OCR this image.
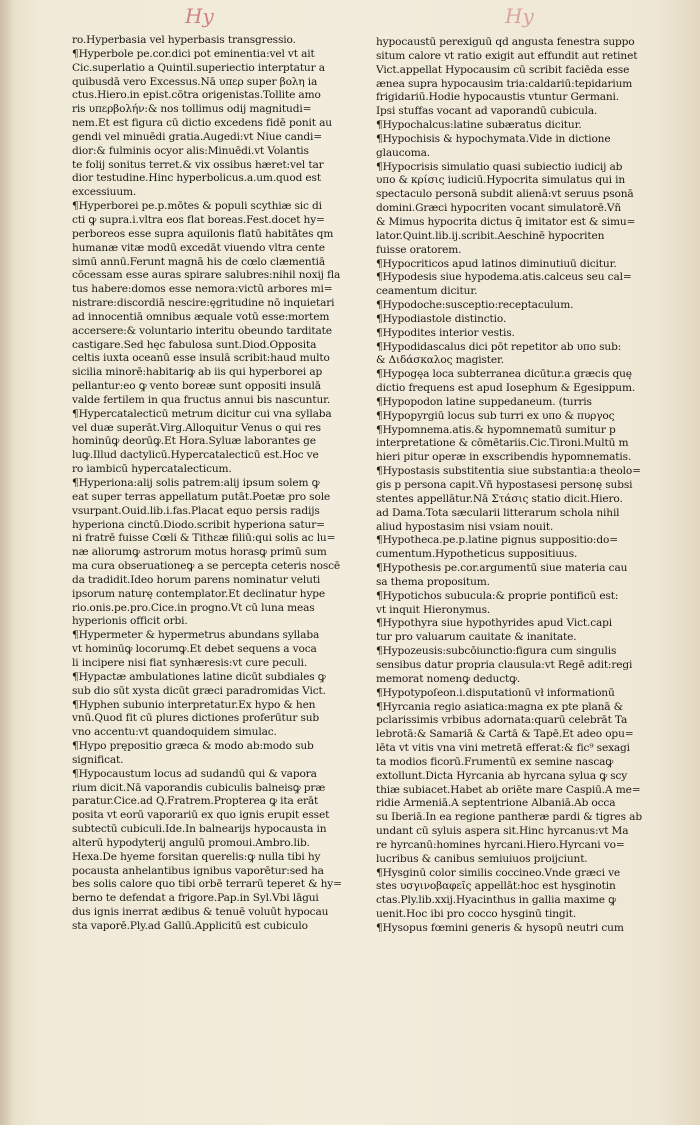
Hy	Hy
ro.Hyperbasia vel hyperbasis transgressio.
¶Hyperbole pe.cor.dici pot eminentia:vel vt ait
Cic.superlatio a Quintil.superiectio interptatur a
quibusdā vero Excessus.Nā υπερ super βολη ia
ctus.Hiero.in epist.cōtra origenistas.Tollite amo
ris υπερβολήν:& nos tollimus odij magnitudi=
nem.Et est figura cū dictio excedens fidē ponit au
gendi vel minuēdi gratia.Augedi:vt Niue candi=
dior:& fulminis ocyor alis:Minuēdi.vt Volantis
te folij sonitus terret.& vix ossibus hæret:vel tar
dior testudine.Hinc hyperbolicus.a.um.quod est
excessiuum.
¶Hyperborei pe.p.mōtes & populi scythiæ sic di
cti ꝙ supra.i.vltra eos flat boreas.Fest.docet hy=
perboreos esse supra aquilonis flatū habitātes qm
humanæ vitæ modū excedāt viuendo vltra cente
simū annū.Ferunt magnā his de cœlo clæmentiā
cōcessam esse auras spirare salubres:nihil noxij fla
tus habere:domos esse nemora:victū arbores mi=
nistrare:discordiā nescire:ęgritudine nō inquietari
ad innocentiā omnibus æquale votū esse:mortem
accersere:& voluntario interitu obeundo tarditate
castigare.Sed hęc fabulosa sunt.Diod.Opposita
celtis iuxta oceanū esse insulā scribit:haud multo
sicilia minorē:habitariꝙ ab iis qui hyperborei ap
pellantur:eo ꝙ vento boreæ sunt oppositi insulā
valde fertilem in qua fructus annui bis nascuntur.
¶Hypercatalecticū metrum dicitur cui vna syllaba
vel duæ superāt.Virg.Alloquitur Venus o qui res
hominūꝙ deorūꝙ.Et Hora.Syluæ laborantes ge
luꝙ.Illud dactylicū.Hypercatalecticū est.Hoc ve
ro iambicū hypercatalecticum.
¶Hyperiona:alij solis patrem:alij ipsum solem ꝙ
eat super terras appellatum putāt.Poetæ pro sole
vsurpant.Ouid.lib.i.fas.Placat equo persis radijs
hyperiona cinctū.Diodo.scribit hyperiona satur=
ni fratrē fuisse Cœli & Tithεæ filiū:qui solis ac lu=
næ aliorumꝙ astrorum motus horasꝙ primū sum
ma cura obseruationeꝙ a se percepta ceteris noscē
da tradidit.Ideo horum parens nominatur veluti
ipsorum naturę contemplator.Et declinatur hype
rio.onis.pe.pro.Cice.in progno.Vt cū luna meas
hyperionis officit orbi.
¶Hypermeter & hypermetrus abundans syllaba
vt hominūꝙ locorumꝙ.Et debet sequens a voca
li incipere nisi fiat synhæresis:vt cure peculi.
¶Hypactæ ambulationes latine dicūt subdiales ꝙ
sub dio sūt xysta dicūt græci paradromidas Vict.
¶Hyphen subunio interpretatur.Ex hypo & hen
vnū.Quod fit cū plures dictiones proferūtur sub
vno accentu:vt quandoquidem simulac.
¶Hypo prępositio græca & modo ab:modo sub
significat.
¶Hypocaustum locus ad sudandū qui & vapora
rium dicit.Nā vaporandis cubiculis balneisꝙ præ
paratur.Cice.ad Q.Fratrem.Propterea ꝙ ita erāt
posita vt eorū vaporariū ex quo ignis erupit esset
subtectū cubiculi.Ide.In balnearijs hypocausta in
alterū hypodyterij angulū promoui.Ambro.lib.
Hexa.De hyeme forsitan querelis:ꝙ nulla tibi hy
pocausta anhelantibus ignibus vaporētur:sed ha
bes solis calore quo tibi orbē terrarū teperet & hy=
berno te defendat a frigore.Pap.in Syl.Vbi lāgui
dus ignis inerrat ædibus & tenuē voluūt hypocau
sta vaporē.Ply.ad Gallū.Applicitū est cubiculo
hypocaustū perexiguū qd angusta fenestra suppo
situm calore vt ratio exigit aut effundit aut retinet
Vict.appellat Hypocausim cū scribit faciēda esse
ænea supra hypocausim tria:caldariū:tepidarium
frigidariū.Hodie hypocaustis vtuntur Germani.
Ipsi stuffas vocant ad vaporandū cubicula.
¶Hypochalcus:latine subæratus dicitur.
¶Hypochisis & hypochymata.Vide in dictione
glaucoma.
¶Hypocrisis simulatio quasi subiectio iudicij ab
υπο & κρίσις iudiciū.Hypocrita simulatus qui in
spectaculo personā subdit alienā:vt seruus psonā
domini.Græci hypocriten vocant simulatorē.Vñ
& Mimus hypocrita dictus q̄ imitator est & simu=
lator.Quint.lib.ij.scribit.Aeschinē hypocriten
fuisse oratorem.
¶Hypocriticos apud latinos diminutiuū dicitur.
¶Hypodesis siue hypodema.atis.calceus seu cal=
ceamentum dicitur.
¶Hypodoche:susceptio:receptaculum.
¶Hypodiastole distinctio.
¶Hypodites interior vestis.
¶Hypodidascalus dici pōt repetitor ab υπο sub:
& Διδάσκαλος magister.
¶Hypogęa loca subterranea dicūtur.a græcis quę
dictio frequens est apud Iosephum & Egesippum.
¶Hypopodon latine suppedaneum. (turris
¶Hypopyrgiū locus sub turri ex υπο & πυργος
¶Hypomnema.atis.& hypomnematū sumitur p
interpretatione & cōmētariis.Cic.Tironi.Multū m
hieri pitur operæ in exscribendis hypomnematis.
¶Hypostasis substitentia siue substantia:a theolo=
gis p persona capit.Vñ hypostasesi personę subsi
stentes appellātur.Nā Στάσις statio dicit.Hiero.
ad Dama.Tota sæcularii litterarum schola nihil
aliud hypostasim nisi vsiam nouit.
¶Hypotheca.pe.p.latine pignus suppositio:do=
cumentum.Hypotheticus suppositiuus.
¶Hypothesis pe.cor.argumentū siue materia cau
sa thema propositum.
¶Hypotichos subucula:& proprie pontificū est:
vt inquit Hieronymus.
¶Hypothyra siue hypothyrides apud Vict.capi
tur pro valuarum cauitate & inanitate.
¶Hypozeusis:subcōiunctio:figura cum singulis
sensibus datur propria clausula:vt Regē adit:regi
memorat nomenꝙ deductꝙ.
¶Hypotypoſeon.i.disputationū vł informationū
¶Hyrcania regio asiatica:magna ex pte planā &
pclarissimis vrbibus adornata:quarū celebrāt Ta
lebrotā:& Samariā & Cartā & Tapē.Et adeo opu=
lēta vt vitis vna vini metretā efferat:& fic⁹ sexagi
ta modios ficorū.Frumentū ex semine nascaꝙ
extollunt.Dicta Hyrcania ab hyrcana sylua ꝙ scy
thiæ subiacet.Habet ab oriēte mare Caspiū.A me=
ridie Armeniā.A septentrione Albaniā.Ab occa
su Iberiā.In ea regione pantheræ pardi & tigres ab
undant cū syluis aspera sit.Hinc hyrcanus:vt Ma
re hyrcanū:homines hyrcani.Hiero.Hyrcani vo=
lucribus & canibus semiuiuos proijciunt.
¶Hysginū color similis coccineo.Vnde græci ve
stes υσγινοβαφεῖς appellāt:hoc est hysginotin
ctas.Ply.lib.xxij.Hyacinthus in gallia maxime ꝙ
uenit.Hoc ibi pro cocco hysginū tingit.
¶Hysopus fœmini generis & hysopū neutri cum
